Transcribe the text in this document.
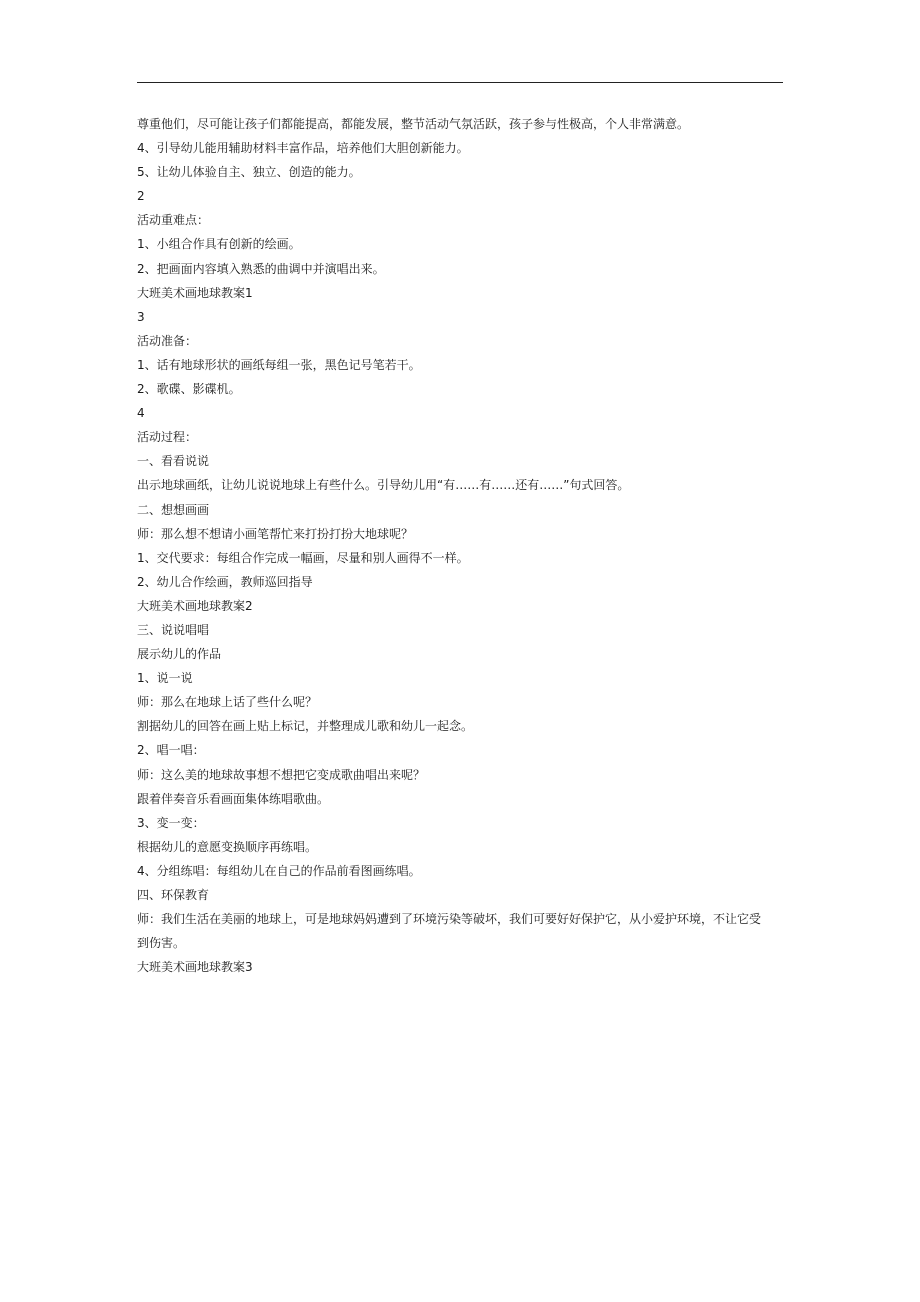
尊重他们，尽可能让孩子们都能提高，都能发展，整节活动气氛活跃，孩子参与性极高，个人非常满意。

4、引导幼儿能用辅助材料丰富作品，培养他们大胆创新能力。

5、让幼儿体验自主、独立、创造的能力。

2

活动重难点：

1、小组合作具有创新的绘画。

2、把画面内容填入熟悉的曲调中并演唱出来。

大班美术画地球教案1

3

活动准备：

1、话有地球形状的画纸每组一张，黑色记号笔若干。

2、歌碟、影碟机。

4

活动过程：

一、看看说说

出示地球画纸，让幼儿说说地球上有些什么。引导幼儿用“有……有……还有……”句式回答。

二、想想画画

师：那么想不想请小画笔帮忙来打扮打扮大地球呢？

1、交代要求：每组合作完成一幅画，尽量和别人画得不一样。

2、幼儿合作绘画，教师巡回指导

大班美术画地球教案2

三、说说唱唱

展示幼儿的作品

1、说一说

师：那么在地球上话了些什么呢？

割据幼儿的回答在画上贴上标记，并整理成儿歌和幼儿一起念。

2、唱一唱：

师：这么美的地球故事想不想把它变成歌曲唱出来呢？

跟着伴奏音乐看画面集体练唱歌曲。

3、变一变：

根据幼儿的意愿变换顺序再练唱。

4、分组练唱：每组幼儿在自己的作品前看图画练唱。

四、环保教育

师：我们生活在美丽的地球上，可是地球妈妈遭到了环境污染等破坏，我们可要好好保护它，从小爱护环境，不让它受

到伤害。

大班美术画地球教案3
